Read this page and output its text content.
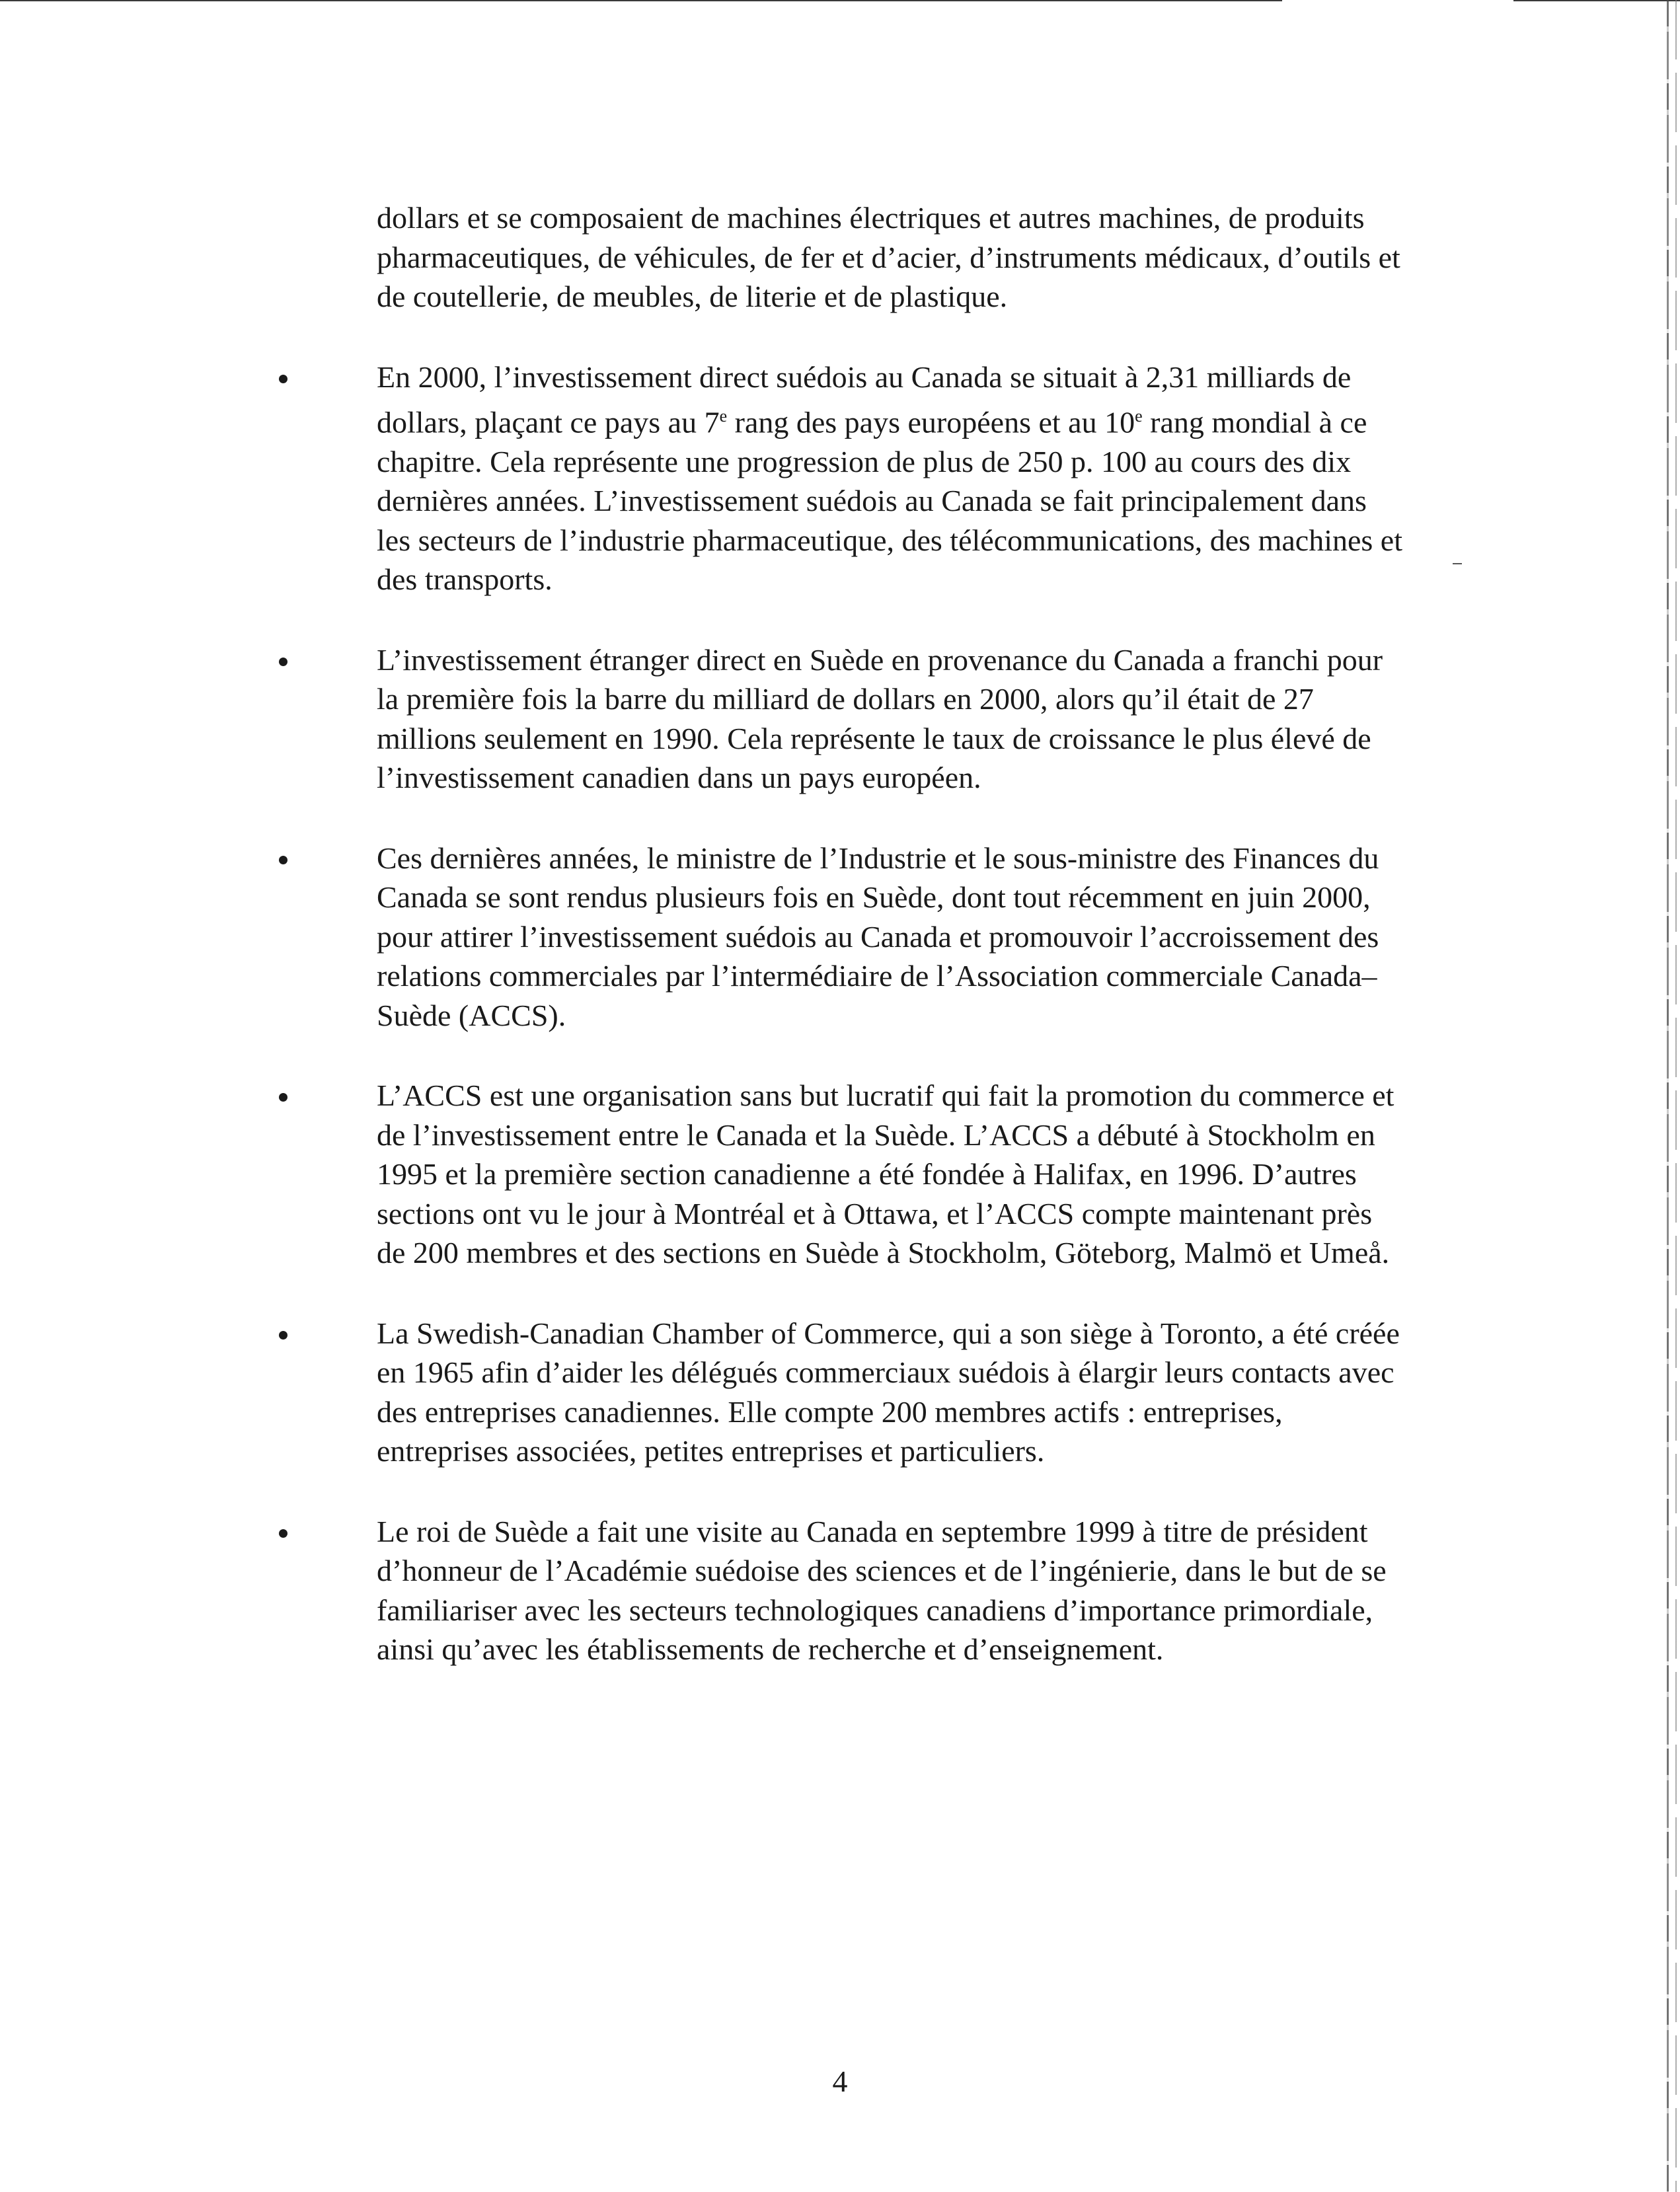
dollars et se composaient de machines électriques et autres machines, de produits pharmaceutiques, de véhicules, de fer et d’acier, d’instruments médicaux, d’outils et de coutellerie, de meubles, de literie et de plastique.

En 2000, l’investissement direct suédois au Canada se situait à 2,31 milliards de dollars, plaçant ce pays au 7e rang des pays européens et au 10e rang mondial à ce chapitre. Cela représente une progression de plus de 250 p. 100 au cours des dix dernières années. L’investissement suédois au Canada se fait principalement dans les secteurs de l’industrie pharmaceutique, des télécommunications, des machines et des transports.

L’investissement étranger direct en Suède en provenance du Canada a franchi pour la première fois la barre du milliard de dollars en 2000, alors qu’il était de 27 millions seulement en 1990. Cela représente le taux de croissance le plus élevé de l’investissement canadien dans un pays européen.

Ces dernières années, le ministre de l’Industrie et le sous-ministre des Finances du Canada se sont rendus plusieurs fois en Suède, dont tout récemment en juin 2000, pour attirer l’investissement suédois au Canada et promouvoir l’accroissement des relations commerciales par l’intermédiaire de l’Association commerciale Canada–Suède (ACCS).

L’ACCS est une organisation sans but lucratif qui fait la promotion du commerce et de l’investissement entre le Canada et la Suède. L’ACCS a débuté à Stockholm en 1995 et la première section canadienne a été fondée à Halifax, en 1996. D’autres sections ont vu le jour à Montréal et à Ottawa, et l’ACCS compte maintenant près de 200 membres et des sections en Suède à Stockholm, Göteborg, Malmö et Umeå.

La Swedish-Canadian Chamber of Commerce, qui a son siège à Toronto, a été créée en 1965 afin d’aider les délégués commerciaux suédois à élargir leurs contacts avec des entreprises canadiennes. Elle compte 200 membres actifs : entreprises, entreprises associées, petites entreprises et particuliers.

Le roi de Suède a fait une visite au Canada en septembre 1999 à titre de président d’honneur de l’Académie suédoise des sciences et de l’ingénierie, dans le but de se familiariser avec les secteurs technologiques canadiens d’importance primordiale, ainsi qu’avec les établissements de recherche et d’enseignement.

4
